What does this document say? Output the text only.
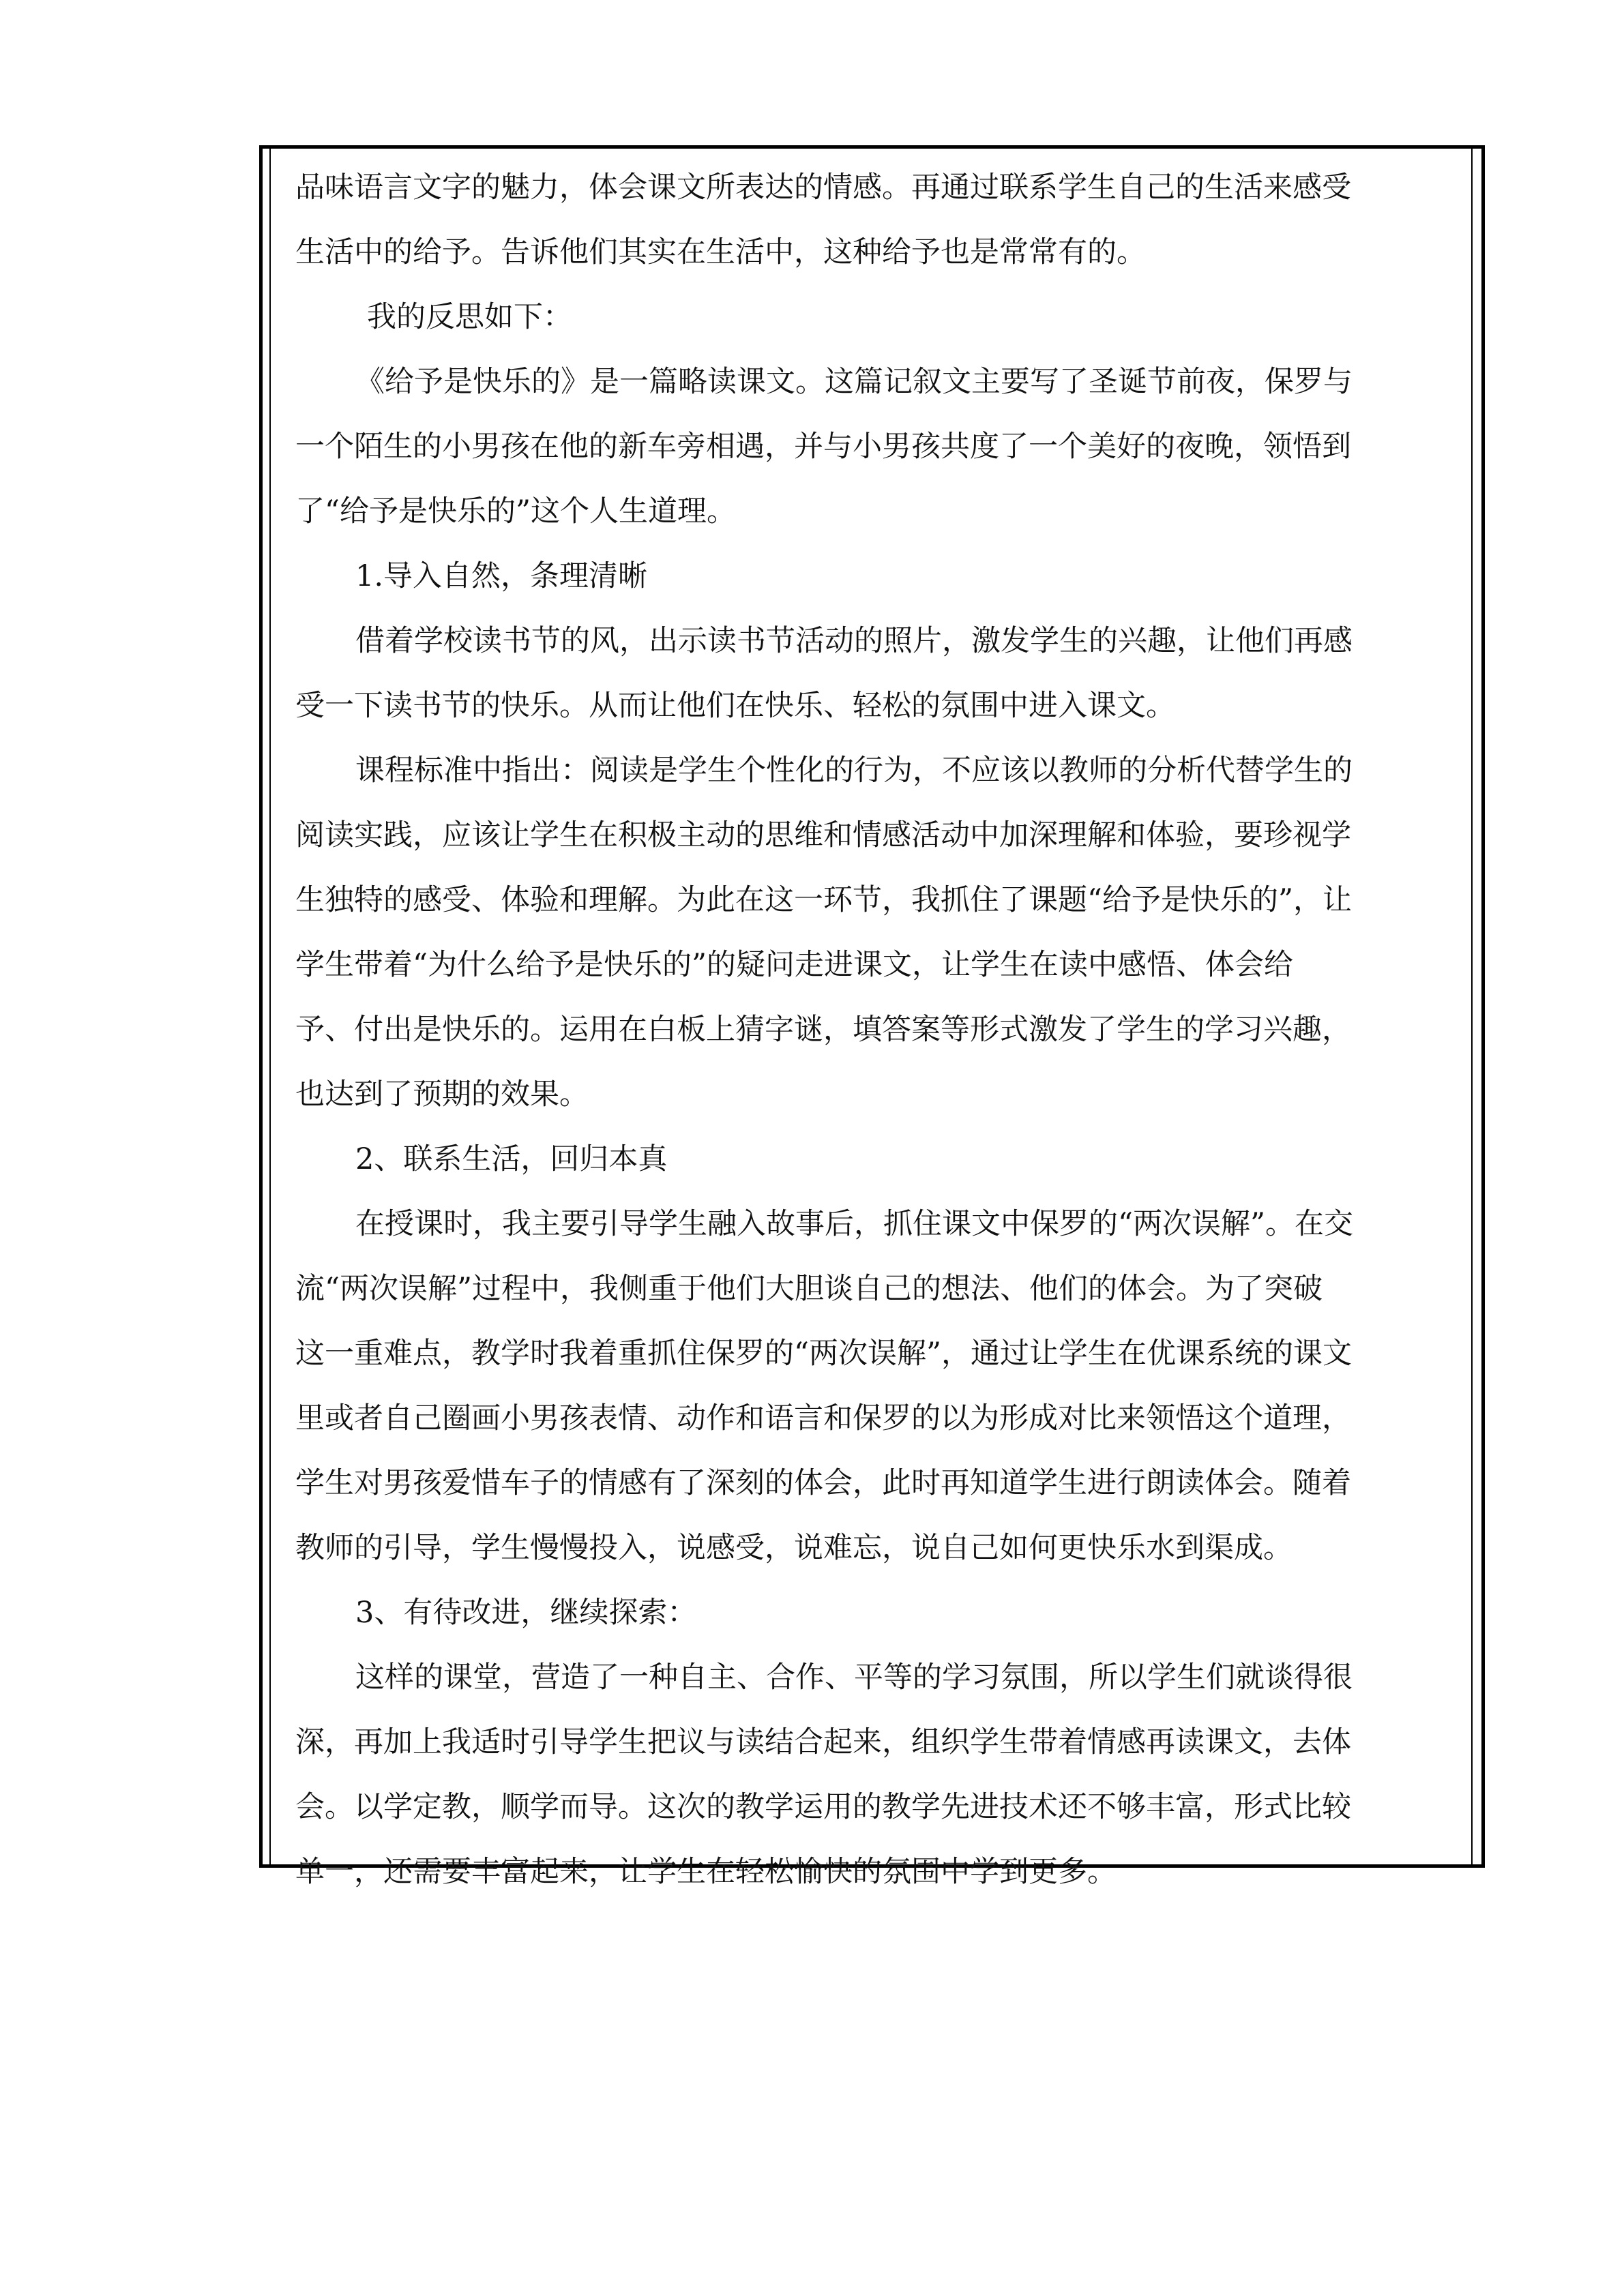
品味语言文字的魅力，体会课文所表达的情感。再通过联系学生自己的生活来感受
生活中的给予。告诉他们其实在生活中，这种给予也是常常有的。
我的反思如下：
《给予是快乐的》是一篇略读课文。这篇记叙文主要写了圣诞节前夜，保罗与
一个陌生的小男孩在他的新车旁相遇，并与小男孩共度了一个美好的夜晚，领悟到
了“给予是快乐的”这个人生道理。
1.导入自然，条理清晰
借着学校读书节的风，出示读书节活动的照片，激发学生的兴趣，让他们再感
受一下读书节的快乐。从而让他们在快乐、轻松的氛围中进入课文。
课程标准中指出：阅读是学生个性化的行为，不应该以教师的分析代替学生的
阅读实践，应该让学生在积极主动的思维和情感活动中加深理解和体验，要珍视学
生独特的感受、体验和理解。为此在这一环节，我抓住了课题“给予是快乐的”，让
学生带着“为什么给予是快乐的”的疑问走进课文，让学生在读中感悟、体会给
予、付出是快乐的。运用在白板上猜字谜，填答案等形式激发了学生的学习兴趣，
也达到了预期的效果。
2、联系生活，回归本真
在授课时，我主要引导学生融入故事后，抓住课文中保罗的“两次误解”。在交
流“两次误解”过程中，我侧重于他们大胆谈自己的想法、他们的体会。为了突破
这一重难点，教学时我着重抓住保罗的“两次误解”，通过让学生在优课系统的课文
里或者自己圈画小男孩表情、动作和语言和保罗的以为形成对比来领悟这个道理，
学生对男孩爱惜车子的情感有了深刻的体会，此时再知道学生进行朗读体会。随着
教师的引导，学生慢慢投入，说感受，说难忘，说自己如何更快乐水到渠成。
3、有待改进，继续探索：
这样的课堂，营造了一种自主、合作、平等的学习氛围，所以学生们就谈得很
深，再加上我适时引导学生把议与读结合起来，组织学生带着情感再读课文，去体
会。以学定教，顺学而导。这次的教学运用的教学先进技术还不够丰富，形式比较
单一，还需要丰富起来，让学生在轻松愉快的氛围中学到更多。
